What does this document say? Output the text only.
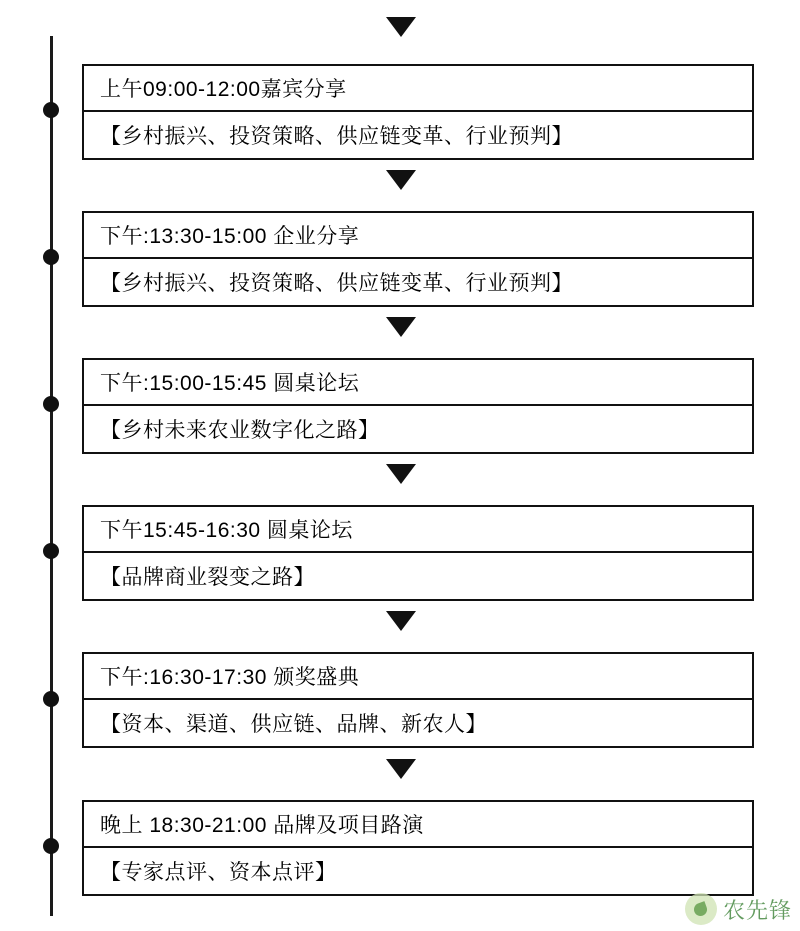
上午09:00-12:00嘉宾分享
【乡村振兴、投资策略、供应链变革、行业预判】
下午:13:30-15:00 企业分享
【乡村振兴、投资策略、供应链变革、行业预判】
下午:15:00-15:45 圆桌论坛
【乡村未来农业数字化之路】
下午15:45-16:30 圆桌论坛
【品牌商业裂变之路】
下午:16:30-17:30 颁奖盛典
【资本、渠道、供应链、品牌、新农人】
晚上 18:30-21:00 品牌及项目路演
【专家点评、资本点评】
农先锋
